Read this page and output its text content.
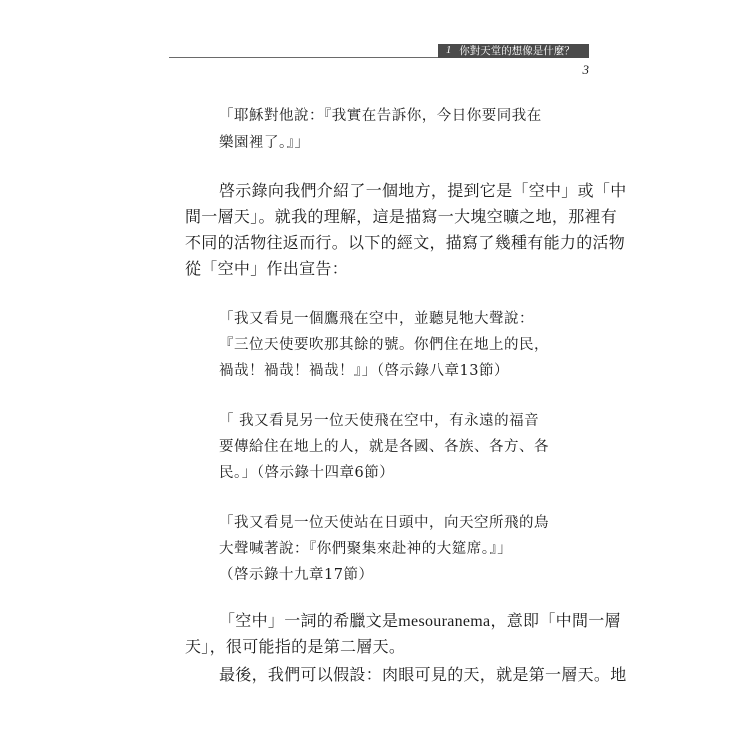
1 你對天堂的想像是什麼？
3
「耶穌對他說：『我實在告訴你，今日你要同我在
樂園裡了。』」
啓示錄向我們介紹了一個地方，提到它是「空中」或「中
間一層天」。就我的理解，這是描寫一大塊空曠之地，那裡有
不同的活物往返而行。以下的經文，描寫了幾種有能力的活物
從「空中」作出宣告：
「我又看見一個鷹飛在空中，並聽見牠大聲說：
『三位天使要吹那其餘的號。你們住在地上的民，
禍哉！禍哉！禍哉！』」（啓示錄八章13節）
「 我又看見另一位天使飛在空中，有永遠的福音
要傳給住在地上的人，就是各國、各族、各方、各
民。」（啓示錄十四章6節）
「我又看見一位天使站在日頭中，向天空所飛的鳥
大聲喊著說：『你們聚集來赴神的大筵席。』」
（啓示錄十九章17節）
「空中」一詞的希臘文是mesouranema，意即「中間一層
天」，很可能指的是第二層天。
最後，我們可以假設：肉眼可見的天，就是第一層天。地
